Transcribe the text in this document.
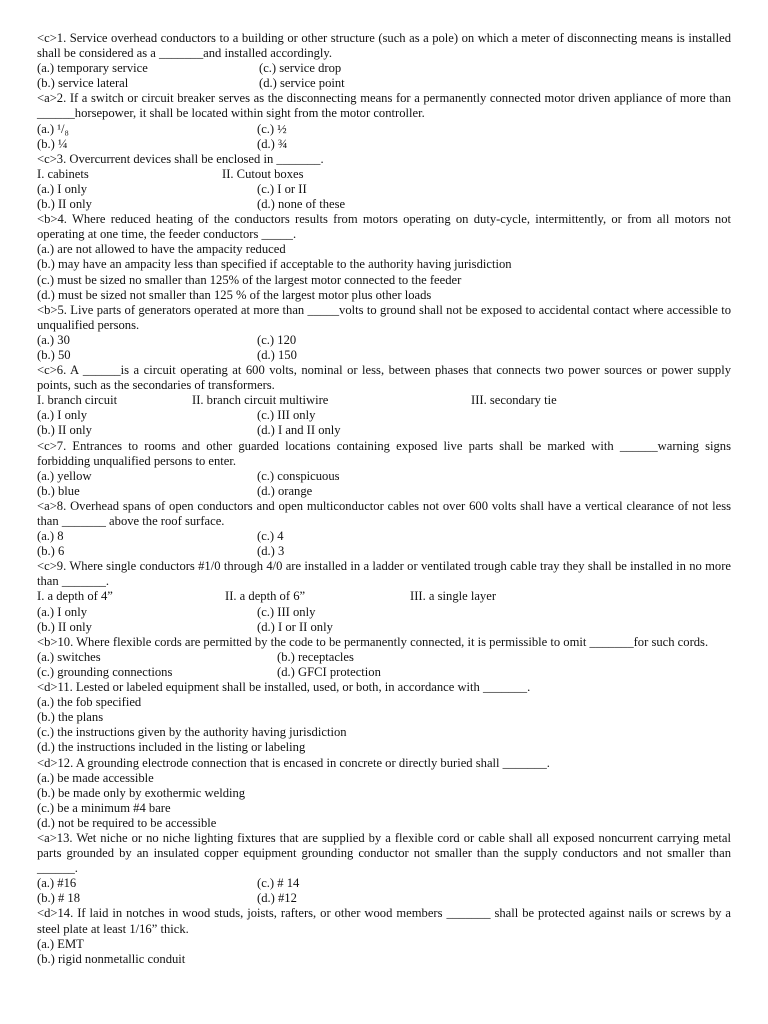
<c>1. Service overhead conductors to a building or other structure (such as a pole) on which a meter of disconnecting means is installed shall be considered as a _______and installed accordingly.

(a.) temporary service	(c.) service drop
(b.) service lateral	(d.) service point

<a>2. If a switch or circuit breaker serves as the disconnecting means for a permanently connected motor driven appliance of more than ______horsepower, it shall be located within sight from the motor controller.

(a.) ¹/₈	(c.) ½
(b.) ¼	(d.) ¾

<c>3. Overcurrent devices shall be enclosed in _______.

I. cabinets	II. Cutout boxes
(a.) I only	(c.) I or II
(b.) II only	(d.) none of these

<b>4. Where reduced heating of the conductors results from motors operating on duty-cycle, intermittently, or from all motors not operating at one time, the feeder conductors _____.

(a.) are not allowed to have the ampacity reduced

(b.) may have an ampacity less than specified if acceptable to the authority having jurisdiction

(c.) must be sized no smaller than 125% of the largest motor connected to the feeder

(d.) must be sized not smaller than 125 % of the largest motor plus other loads

<b>5. Live parts of generators operated at more than _____volts to ground shall not be exposed to accidental contact where accessible to unqualified persons.

(a.) 30	(c.) 120
(b.) 50	(d.) 150

<c>6. A ______is a circuit operating at 600 volts, nominal or less, between phases that connects two power sources or power supply points, such as the secondaries of transformers.

I. branch circuit	II. branch circuit multiwire	III. secondary tie
(a.) I only	(c.) III only
(b.) II only	(d.) I and II only

<c>7. Entrances to rooms and other guarded locations containing exposed live parts shall be marked with ______warning signs forbidding unqualified persons to enter.

(a.) yellow	(c.) conspicuous
(b.) blue	(d.) orange

<a>8. Overhead spans of open conductors and open multiconductor cables not over 600 volts shall have a vertical clearance of not less than _______ above the roof surface.

(a.) 8	(c.) 4
(b.) 6	(d.) 3

<c>9. Where single conductors #1/0 through 4/0 are installed in a ladder or ventilated trough cable tray they shall be installed in no more than _______.

I. a depth of 4”	II. a depth of 6”	III. a single layer
(a.) I only	(c.) III only
(b.) II only	(d.) I or II only

<b>10. Where flexible cords are permitted by the code to be permanently connected, it is permissible to omit _______for such cords.

(a.) switches	(b.) receptacles
(c.) grounding connections	(d.) GFCI protection

<d>11. Lested or labeled equipment shall be installed, used, or both, in accordance with _______.

(a.) the fob specified

(b.) the plans

(c.) the instructions given by the authority having jurisdiction

(d.) the instructions included in the listing or labeling

<d>12. A grounding electrode connection that is encased in concrete or directly buried shall _______.

(a.) be made accessible

(b.) be made only by exothermic welding

(c.) be a minimum #4 bare

(d.) not be required to be accessible

<a>13. Wet niche or no niche lighting fixtures that are supplied by a flexible cord or cable shall all exposed noncurrent carrying metal parts grounded by an insulated copper equipment grounding conductor not smaller than the supply conductors and not smaller than ______.

(a.) #16	(c.) # 14
(b.) # 18	(d.) #12

<d>14. If laid in notches in wood studs, joists, rafters, or other wood members _______ shall be protected against nails or screws by a steel plate at least 1/16” thick.

(a.) EMT

(b.) rigid nonmetallic conduit
